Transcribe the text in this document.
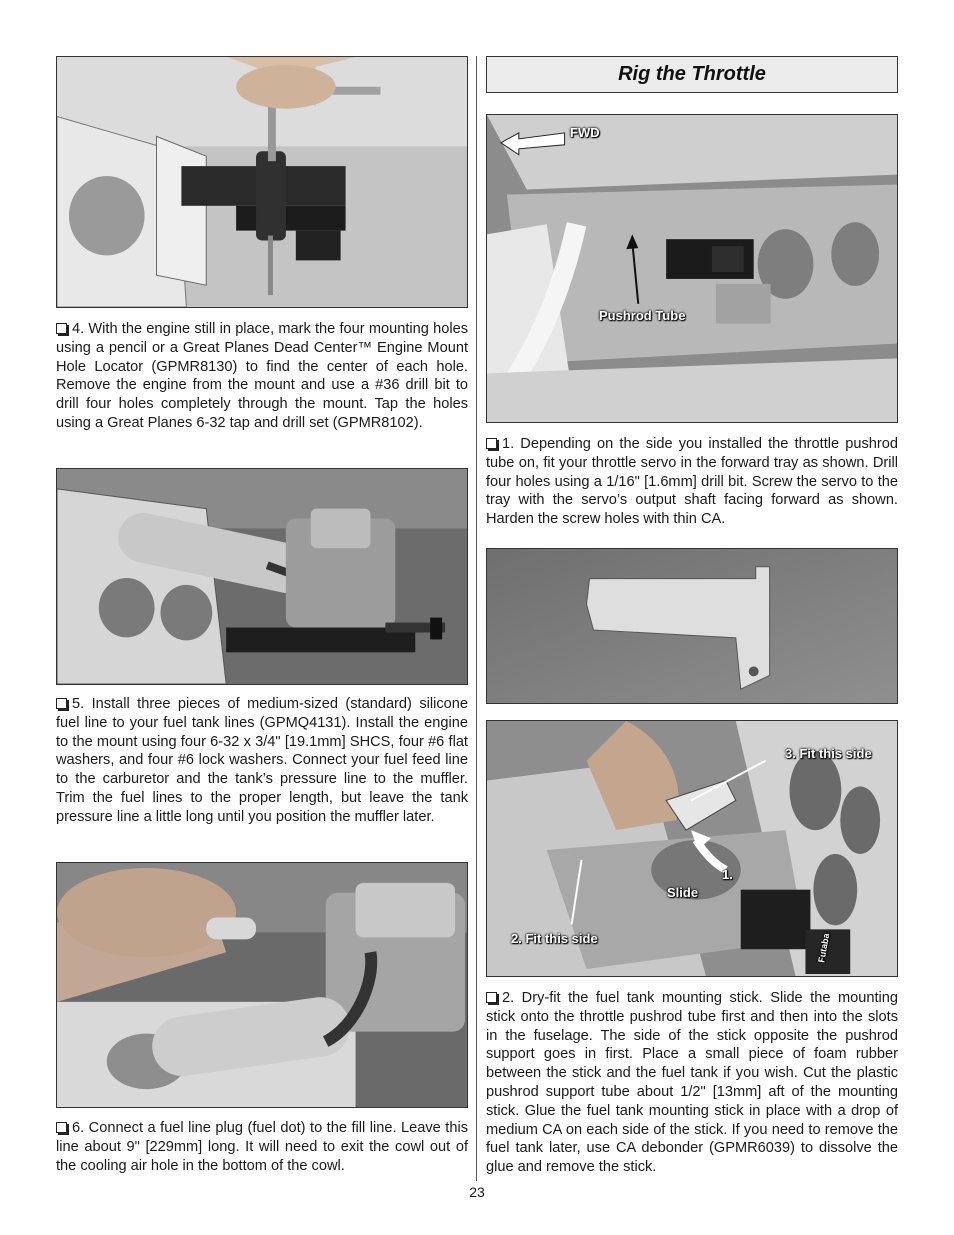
4. With the engine still in place, mark the four mounting holes using a pencil or a Great Planes Dead Center™ Engine Mount Hole Locator (GPMR8130) to find the center of each hole. Remove the engine from the mount and use a #36 drill bit to drill four holes completely through the mount. Tap the holes using a Great Planes 6-32 tap and drill set (GPMR8102).

5. Install three pieces of medium-sized (standard) silicone fuel line to your fuel tank lines (GPMQ4131). Install the engine to the mount using four 6-32 x 3/4" [19.1mm] SHCS, four #6 flat washers, and four #6 lock washers. Connect your fuel feed line to the carburetor and the tank’s pressure line to the muffler. Trim the fuel lines to the proper length, but leave the tank pressure line a little long until you position the muffler later.

6. Connect a fuel line plug (fuel dot) to the fill line. Leave this line about 9" [229mm] long. It will need to exit the cowl out of the cooling air hole in the bottom of the cowl.

Rig the Throttle
FWD
Pushrod Tube

1. Depending on the side you installed the throttle pushrod tube on, fit your throttle servo in the forward tray as shown. Drill four holes using a 1/16" [1.6mm] drill bit. Screw the servo to the tray with the servo’s output shaft facing forward as shown. Harden the screw holes with thin CA.

3. Fit this side
2. Fit this side
Slide
1.
Futaba

2. Dry-fit the fuel tank mounting stick. Slide the mounting stick onto the throttle pushrod tube first and then into the slots in the fuselage. The side of the stick opposite the pushrod support goes in first. Place a small piece of foam rubber between the stick and the fuel tank if you wish. Cut the plastic pushrod support tube about 1/2" [13mm] aft of the mounting stick. Glue the fuel tank mounting stick in place with a drop of medium CA on each side of the stick. If you need to remove the fuel tank later, use CA debonder (GPMR6039) to dissolve the glue and remove the stick.

23
